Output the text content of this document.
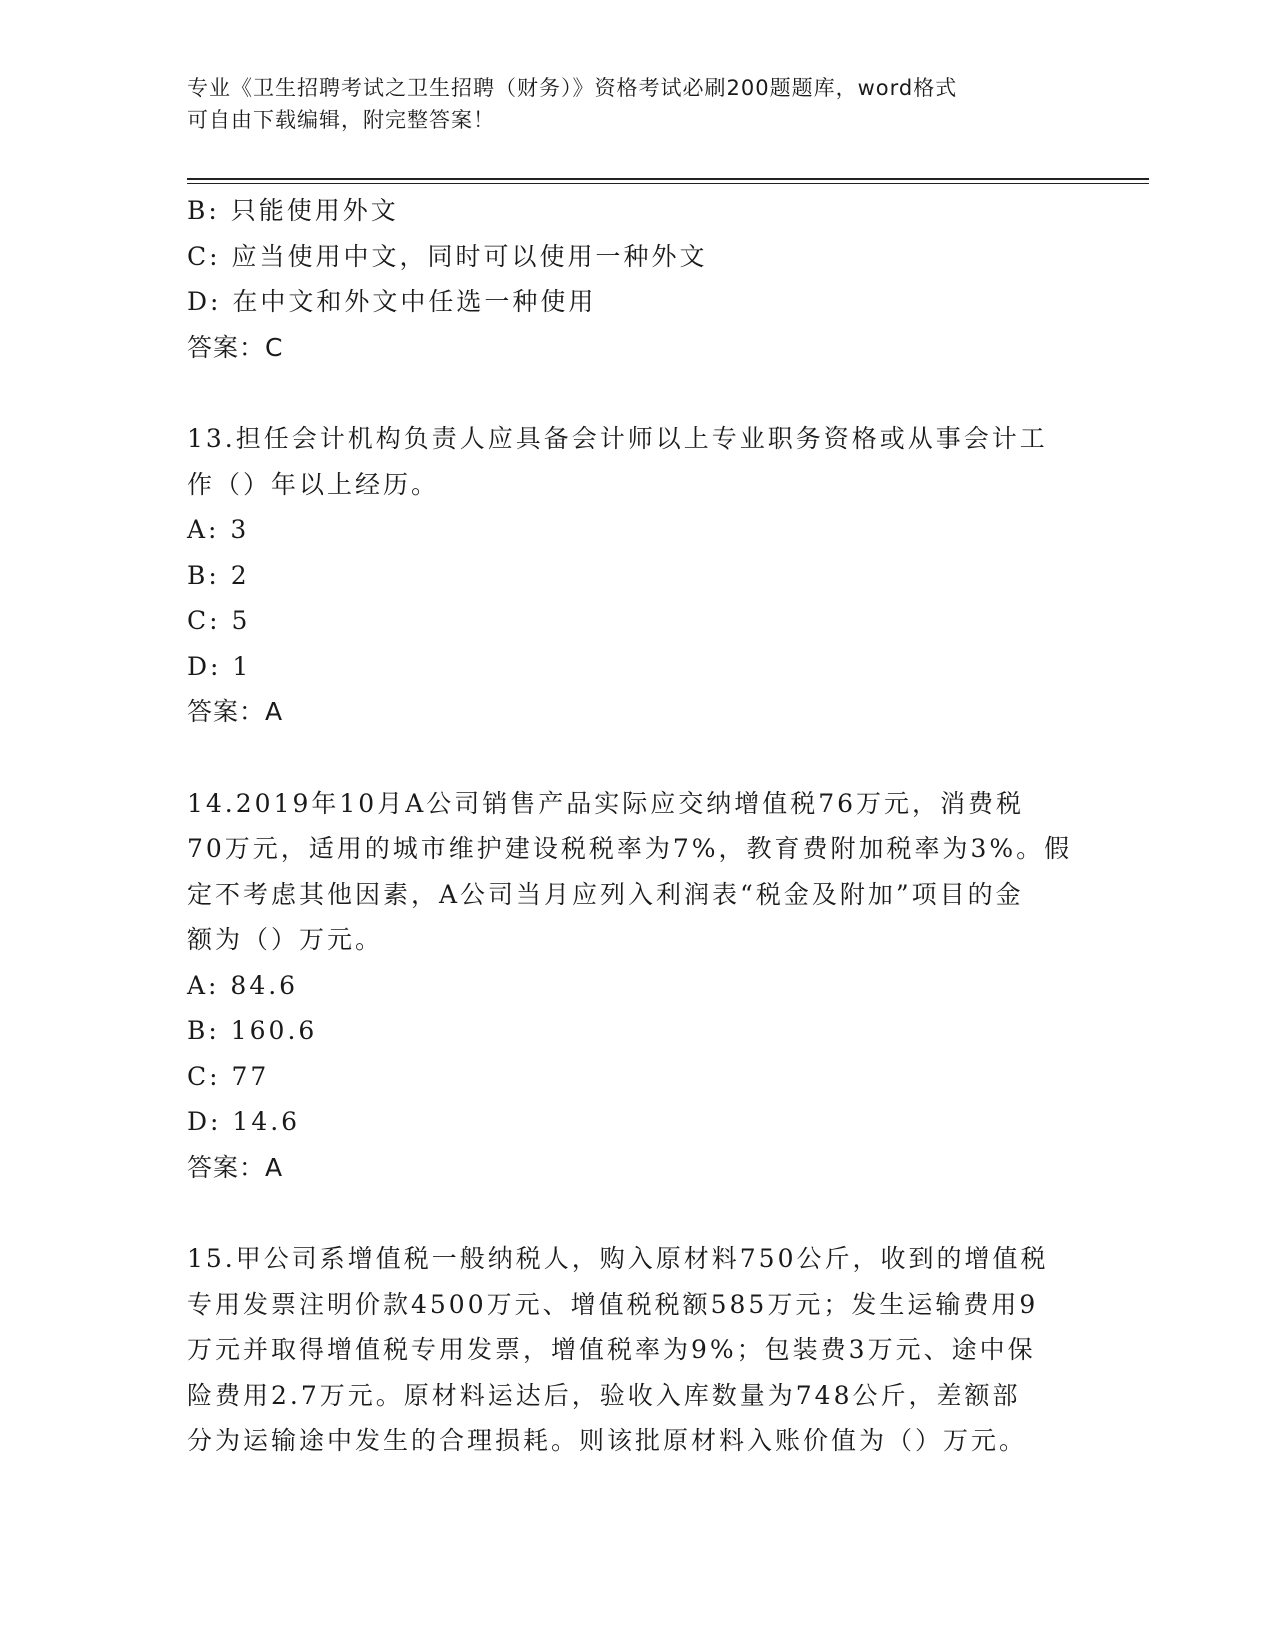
专业《卫生招聘考试之卫生招聘（财务）》资格考试必刷200题题库，word格式
可自由下载编辑，附完整答案！
B: 只能使用外文
C: 应当使用中文，同时可以使用一种外文
D: 在中文和外文中任选一种使用
答案：C
13.担任会计机构负责人应具备会计师以上专业职务资格或从事会计工
作（）年以上经历。
A: 3
B: 2
C: 5
D: 1
答案：A
14.2019年10月A公司销售产品实际应交纳增值税76万元，消费税
70万元，适用的城市维护建设税税率为7%，教育费附加税率为3%。假
定不考虑其他因素，A公司当月应列入利润表“税金及附加”项目的金
额为（）万元。
A: 84.6
B: 160.6
C: 77
D: 14.6
答案：A
15.甲公司系增值税一般纳税人，购入原材料750公斤，收到的增值税
专用发票注明价款4500万元、增值税税额585万元；发生运输费用9
万元并取得增值税专用发票，增值税率为9%；包装费3万元、途中保
险费用2.7万元。原材料运达后，验收入库数量为748公斤，差额部
分为运输途中发生的合理损耗。则该批原材料入账价值为（）万元。
